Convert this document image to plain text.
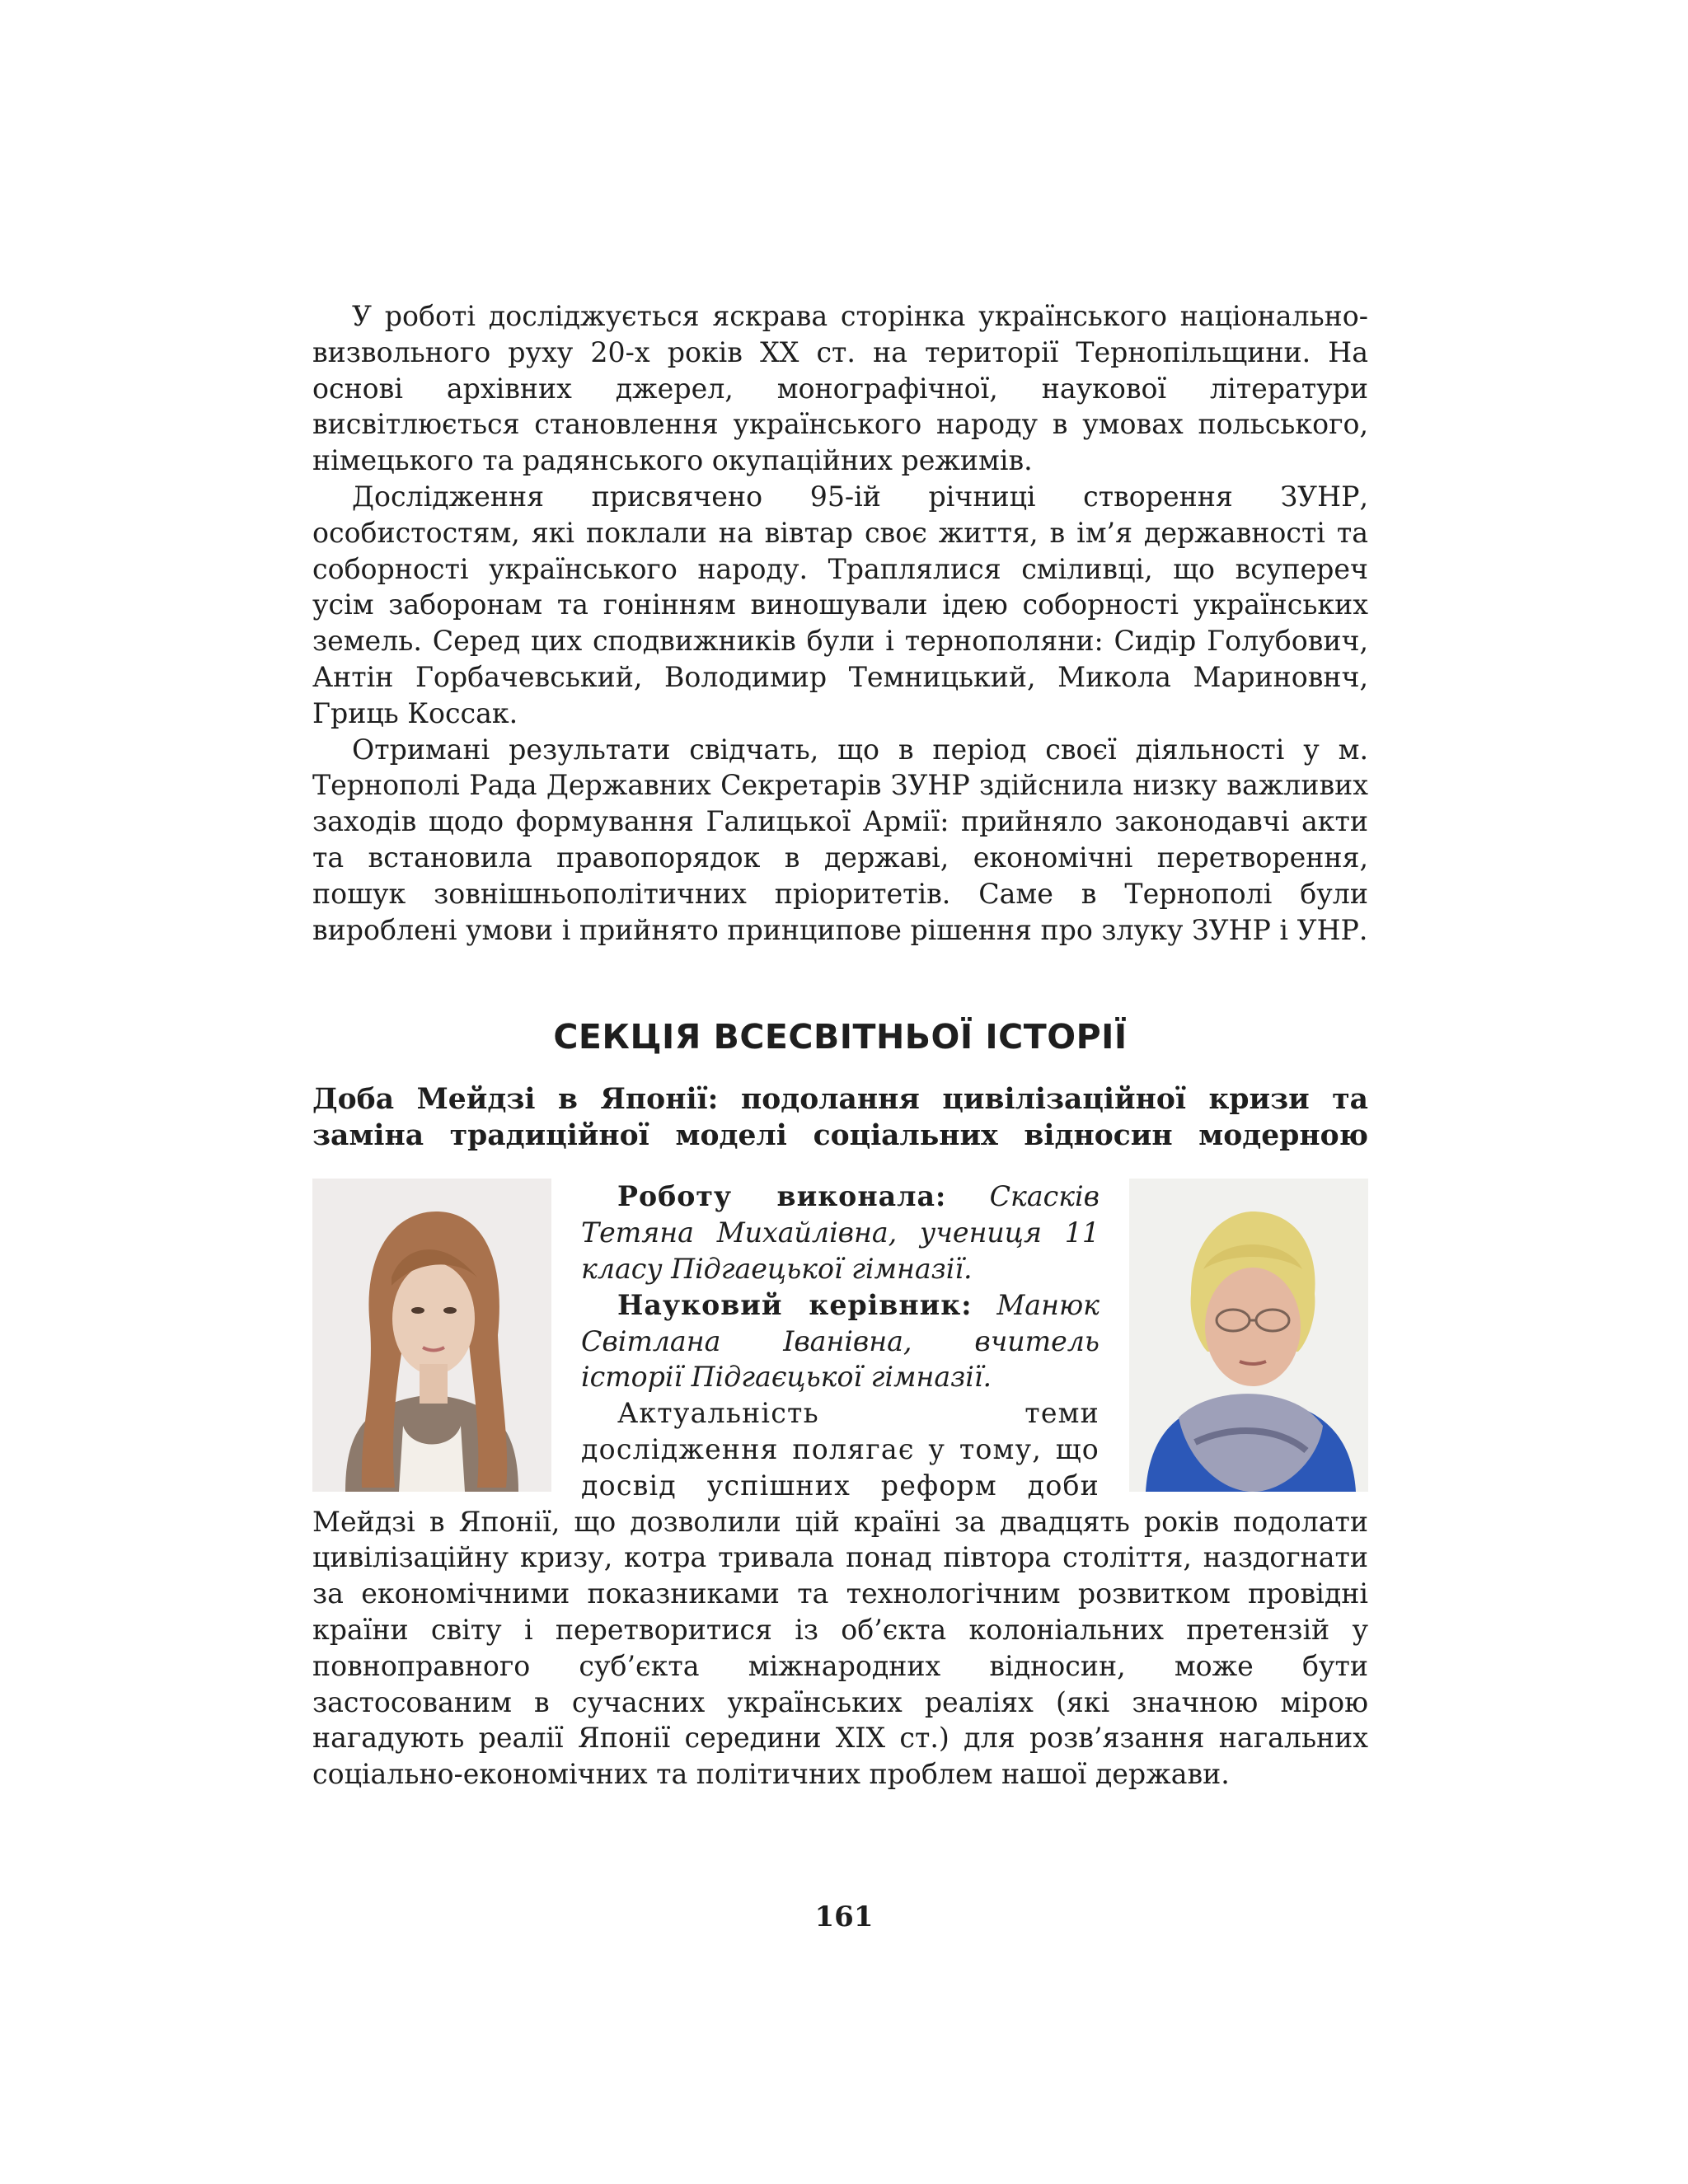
У роботі досліджується яскрава сторінка українського національно- визвольного руху 20-х років XX ст. на території Тернопільщини. На основі архівних джерел, монографічної, наукової літератури висвітлюється становлення українського народу в умовах польського, німецького та радянського окупаційних режимів.

Дослідження присвячено 95-ій річниці створення ЗУНР, особистостям, які поклали на вівтар своє життя, в ім’я державності та соборності українського народу. Траплялися сміливці, що всупереч усім заборонам та гонінням виношували ідею соборності українських земель. Серед цих сподвижників були і тернополяни: Сидір Голубович, Антін Горбачевський, Володимир Темницький, Микола Мариновнч, Гриць Коссак.

Отримані результати свідчать, що в період своєї діяльності у м. Тернополі Рада Державних Секретарів ЗУНР здійснила низку важливих заходів щодо формування Галицької Армії: прийняло законодавчі акти та встановила правопорядок в державі, економічні перетворення, пошук зовнішньополітичних пріоритетів. Саме в Тернополі були вироблені умови і прийнято принципове рішення про злуку ЗУНР і УНР.

СЕКЦІЯ ВСЕСВІТНЬОЇ ІСТОРІЇ

Доба Мейдзі в Японії: подолання цивілізаційної кризи та заміна традиційної моделі соціальних відносин модерною

Роботу виконала: Скасків Тетяна Михайлівна, учениця 11 класу Підгаецької гімназії.

Науковий керівник: Манюк Світлана Іванівна, вчитель історії Підгаєцької гімназії.

Актуальність теми дослідження полягає у тому, що досвід успішних реформ доби Мейдзі в Японії, що дозволили цій країні за двадцять років подолати цивілізаційну кризу, котра тривала понад півтора століття, наздогнати за економічними показниками та технологічним розвитком провідні країни світу і перетворитися із об’єкта колоніальних претензій у повноправного суб’єкта міжнародних відносин, може бути застосованим в сучасних українських реаліях (які значною мірою нагадують реалії Японії середини XIX ст.) для розв’язання нагальних соціально-економічних та політичних проблем нашої держави.

161
